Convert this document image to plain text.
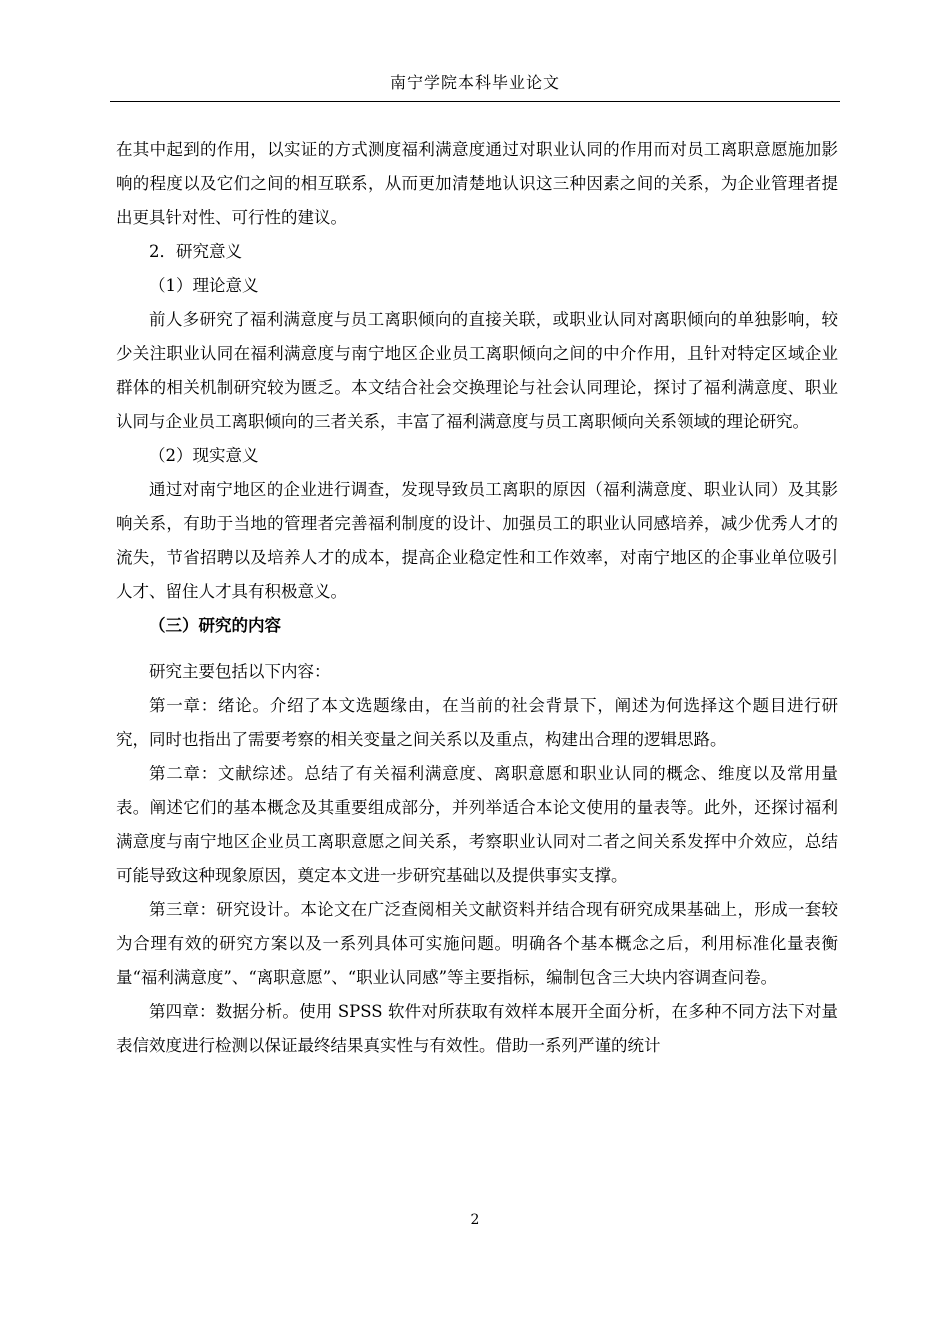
南宁学院本科毕业论文

在其中起到的作用，以实证的方式测度福利满意度通过对职业认同的作用而对员工离职意愿施加影响的程度以及它们之间的相互联系，从而更加清楚地认识这三种因素之间的关系，为企业管理者提出更具针对性、可行性的建议。

2．研究意义

（1）理论意义

前人多研究了福利满意度与员工离职倾向的直接关联，或职业认同对离职倾向的单独影响，较少关注职业认同在福利满意度与南宁地区企业员工离职倾向之间的中介作用，且针对特定区域企业群体的相关机制研究较为匮乏。本文结合社会交换理论与社会认同理论，探讨了福利满意度、职业认同与企业员工离职倾向的三者关系，丰富了福利满意度与员工离职倾向关系领域的理论研究。

（2）现实意义

通过对南宁地区的企业进行调查，发现导致员工离职的原因（福利满意度、职业认同）及其影响关系，有助于当地的管理者完善福利制度的设计、加强员工的职业认同感培养，减少优秀人才的流失，节省招聘以及培养人才的成本，提高企业稳定性和工作效率，对南宁地区的企事业单位吸引人才、留住人才具有积极意义。

（三）研究的内容

研究主要包括以下内容：

第一章：绪论。介绍了本文选题缘由，在当前的社会背景下，阐述为何选择这个题目进行研究，同时也指出了需要考察的相关变量之间关系以及重点，构建出合理的逻辑思路。

第二章：文献综述。总结了有关福利满意度、离职意愿和职业认同的概念、维度以及常用量表。阐述它们的基本概念及其重要组成部分，并列举适合本论文使用的量表等。此外，还探讨福利满意度与南宁地区企业员工离职意愿之间关系，考察职业认同对二者之间关系发挥中介效应，总结可能导致这种现象原因，奠定本文进一步研究基础以及提供事实支撑。

第三章：研究设计。本论文在广泛查阅相关文献资料并结合现有研究成果基础上，形成一套较为合理有效的研究方案以及一系列具体可实施问题。明确各个基本概念之后，利用标准化量表衡量“福利满意度”、“离职意愿”、“职业认同感”等主要指标，编制包含三大块内容调查问卷。

第四章：数据分析。使用 SPSS 软件对所获取有效样本展开全面分析，在多种不同方法下对量表信效度进行检测以保证最终结果真实性与有效性。借助一系列严谨的统计

2
